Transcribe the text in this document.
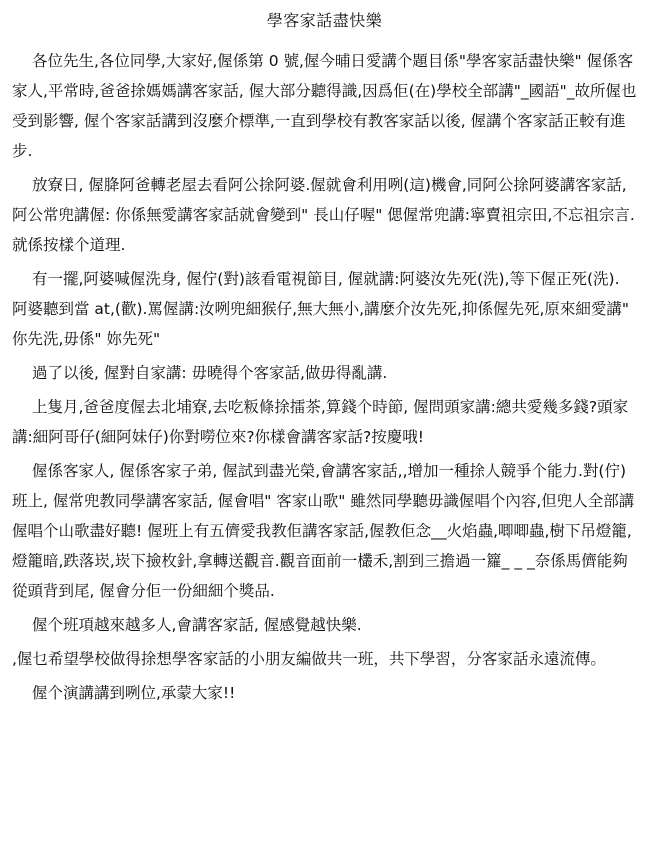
學客家話盡快樂

各位先生,各位同學,大家好,偓係第 0 號,偓今晡日愛講个題目係"學客家話盡快樂" 偓係客家人,平常時,爸爸捈媽媽講客家話, 偓大部分聽得識,因爲佢(在)學校全部講"_國語"_故所偓也受到影響, 偓个客家話講到沒麼介標準,一直到學校有教客家話以後, 偓講个客家話正較有進步.

放寮日, 偓胮阿爸轉老屋去看阿公捈阿婆.偓就會利用咧(這)機會,同阿公捈阿婆講客家話,阿公常兜講偓: 你係無愛講客家話就會變到" 長山仔喔" 偲偓常兜講:寧賣祖宗田,不忘祖宗言. 就係按樣个道理.

有一擺,阿婆喊偓洗身, 偓佇(對)該看電視節目, 偓就講:阿婆汝先死(洗),等下偓正死(洗). 阿婆聽到當 at,(歡).罵偓講:汝咧兜細猴仔,無大無小,講麼介汝先死,抑係偓先死,原來細愛講" 你先洗,毋係" 妳先死"

過了以後, 偓對自家講: 毋曉得个客家話,做毋得亂講.

上隻月,爸爸度偓去北埔寮,去吃粄條捈擂茶,算錢个時節, 偓問頭家講:總共愛幾多錢?頭家講:細阿哥仔(細阿妹仔)你對嘮位來?你樣會講客家話?按慶哦!

偓係客家人, 偓係客家子弟, 偓試到盡光榮,會講客家話,,增加一種捈人競爭个能力.對(佇)班上, 偓常兜教同學講客家話, 偓會唱" 客家山歌" 雖然同學聽毋識偓唱个內容,但兜人全部講偓唱个山歌盡好聽! 偓班上有五儕愛我教佢講客家話,偓教佢念__火焰蟲,唧唧蟲,樹下吊燈籠,燈籠暗,跌落崁,崁下撿枚針,拿轉送觀音.觀音面前一欉禾,割到三擔過一籮_ _ _奈係馬儕能夠從頭背到尾, 偓會分佢一份細細个獎品.

偓个班項越來越多人,會講客家話, 偓感覺越快樂.

,偓乜希望學校做得捈想學客家話的小朋友編做共一班，共下學習，分客家話永遠流傳。

偓个演講講到咧位,承蒙大家!!
